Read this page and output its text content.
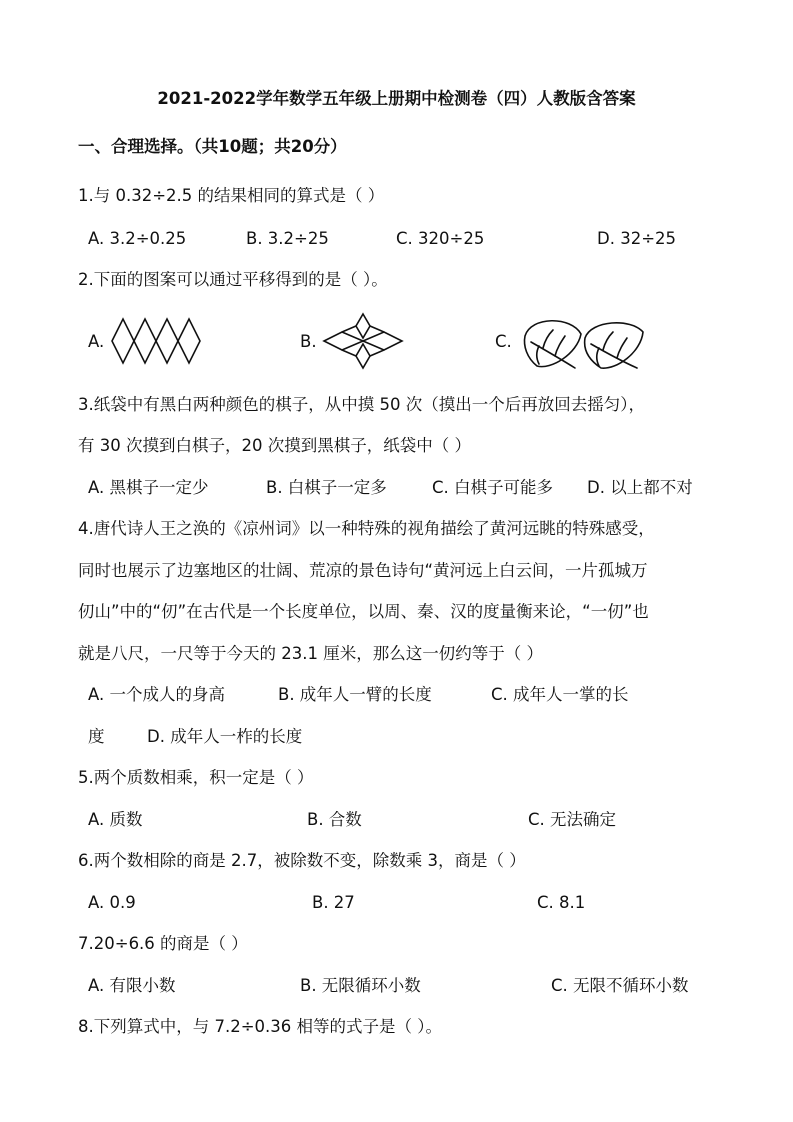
2021-2022学年数学五年级上册期中检测卷（四）人教版含答案
一、合理选择。（共10题；共20分）
1.与 0.32÷2.5 的结果相同的算式是（ ）
A. 3.2÷0.25	B. 3.2÷25	C. 320÷25	D. 32÷25
2.下面的图案可以通过平移得到的是（ ）。
A.	B.	C.
3.纸袋中有黑白两种颜色的棋子，从中摸 50 次（摸出一个后再放回去摇匀），
有 30 次摸到白棋子，20 次摸到黑棋子，纸袋中（ ）
A. 黑棋子一定少	B. 白棋子一定多	C. 白棋子可能多 D. 以上都不对
4.唐代诗人王之涣的《凉州词》以一种特殊的视角描绘了黄河远眺的特殊感受，
同时也展示了边塞地区的壮阔、荒凉的景色诗句“黄河远上白云间，一片孤城万
仞山”中的“仞”在古代是一个长度单位，以周、秦、汉的度量衡来论，“一仞”也
就是八尺，一尺等于今天的 23.1 厘米，那么这一仞约等于（ ）
A. 一个成人的身高	B. 成年人一臂的长度	C. 成年人一掌的长
度	D. 成年人一柞的长度
5.两个质数相乘，积一定是（ ）
A. 质数	B. 合数	C. 无法确定
6.两个数相除的商是 2.7，被除数不变，除数乘 3，商是（ ）
A. 0.9	B. 27	C. 8.1
7.20÷6.6 的商是（ ）
A. 有限小数	B. 无限循环小数	C. 无限不循环小数
8.下列算式中，与 7.2÷0.36 相等的式子是（ ）。
